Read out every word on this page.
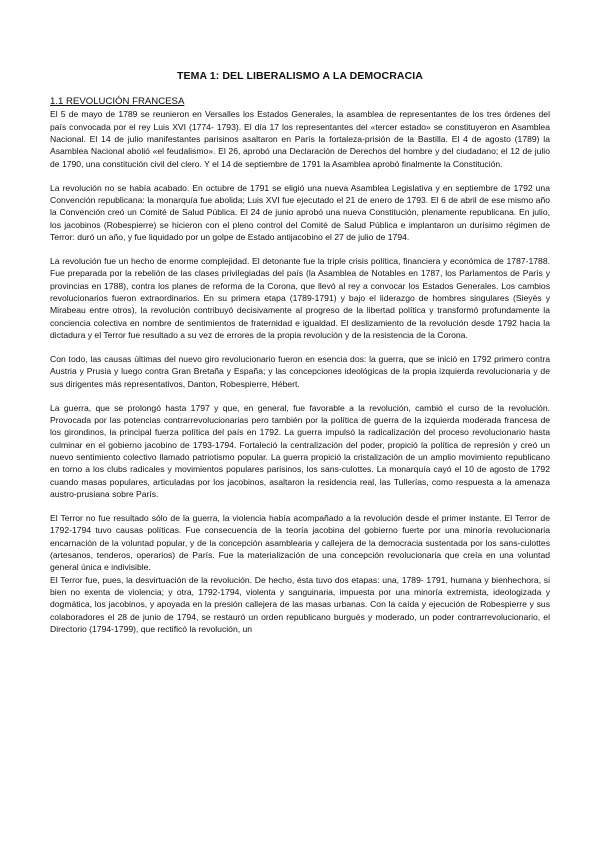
TEMA 1: DEL LIBERALISMO A LA DEMOCRACIA

1.1 REVOLUCIÓN FRANCESA

El 5 de mayo de 1789 se reunieron en Versalles los Estados Generales, la asamblea de representantes de los tres órdenes del país convocada por el rey Luis XVI (1774- 1793). El día 17 los representantes del «tercer estado» se constituyeron en Asamblea Nacional. El 14 de julio manifestantes parisinos asaltaron en París la fortaleza-prisión de la Bastilla. El 4 de agosto (1789) la Asamblea Nacional abolió «el feudalismo». El 26, aprobó una Declaración de Derechos del hombre y del ciudadano; el 12 de julio de 1790, una constitución civil del clero. Y el 14 de septiembre de 1791 la Asamblea aprobó finalmente la Constitución.

La revolución no se había acabado. En octubre de 1791 se eligió una nueva Asamblea Legislativa y en septiembre de 1792 una Convención republicana: la monarquía fue abolida; Luis XVI fue ejecutado el 21 de enero de 1793. El 6 de abril de ese mismo año la Convención creó un Comité de Salud Pública. El 24 de junio aprobó una nueva Constitución, plenamente republicana. En julio, los jacobinos (Robespierre) se hicieron con el pleno control del Comité de Salud Pública e implantaron un durísimo régimen de Terror: duró un año, y fue liquidado por un golpe de Estado antijacobino el 27 de julio de 1794.

La revolución fue un hecho de enorme complejidad. El detonante fue la triple crisis política, financiera y económica de 1787-1788. Fue preparada por la rebelión de las clases privilegiadas del país (la Asamblea de Notables en 1787, los Parlamentos de París y provincias en 1788), contra los planes de reforma de la Corona, que llevó al rey a convocar los Estados Generales. Los cambios revolucionarios fueron extraordinarios. En su primera etapa (1789-1791) y bajo el liderazgo de hombres singulares (Sieyès y Mirabeau entre otros), la revolución contribuyó decisivamente al progreso de la libertad política y transformó profundamente la conciencia colectiva en nombre de sentimientos de fraternidad e igualdad. El deslizamiento de la revolución desde 1792 hacia la dictadura y el Terror fue resultado a su vez de errores de la propia revolución y de la resistencia de la Corona.

Con todo, las causas últimas del nuevo giro revolucionario fueron en esencia dos: la guerra, que se inició en 1792 primero contra Austria y Prusia y luego contra Gran Bretaña y España; y las concepciones ideológicas de la propia izquierda revolucionaria y de sus dirigentes más representativos, Danton, Robespierre, Hébert.

La guerra, que se prolongó hasta 1797 y que, en general, fue favorable a la revolución, cambió el curso de la revolución. Provocada por las potencias contrarrevolucionarias pero también por la política de guerra de la izquierda moderada francesa de los girondinos, la principal fuerza política del país en 1792. La guerra impulsó la radicalización del proceso revolucionario hasta culminar en el gobierno jacobino de 1793-1794. Fortaleció la centralización del poder, propició la política de represión y creó un nuevo sentimiento colectivo llamado patriotismo popular. La guerra propició la cristalización de un amplio movimiento republicano en torno a los clubs radicales y movimientos populares parisinos, los sans-culottes. La monarquía cayó el 10 de agosto de 1792 cuando masas populares, articuladas por los jacobinos, asaltaron la residencia real, las Tullerías, como respuesta a la amenaza austro-prusiana sobre París.

El Terror no fue resultado sólo de la guerra, la violencia había acompañado a la revolución desde el primer instante. El Terror de 1792-1794 tuvo causas políticas. Fue consecuencia de la teoría jacobina del gobierno fuerte por una minoría revolucionaria encarnación de la voluntad popular, y de la concepción asamblearia y callejera de la democracia sustentada por los sans-culottes (artesanos, tenderos, operarios) de París. Fue la materialización de una concepción revolucionaria que creía en una voluntad general única e indivisible.

El Terror fue, pues, la desvirtuación de la revolución. De hecho, ésta tuvo dos etapas: una, 1789- 1791, humana y bienhechora, si bien no exenta de violencia; y otra, 1792-1794, violenta y sanguinaria, impuesta por una minoría extremista, ideologizada y dogmática, los jacobinos, y apoyada en la presión callejera de las masas urbanas. Con la caída y ejecución de Robespierre y sus colaboradores el 28 de junio de 1794, se restauró un orden republicano burgués y moderado, un poder contrarrevolucionario, el Directorio (1794-1799), que rectificó la revolución, un
